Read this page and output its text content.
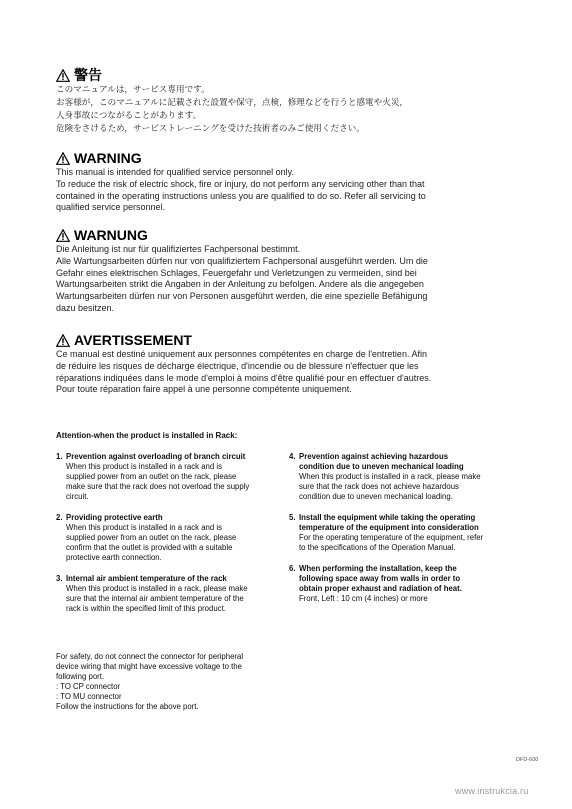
警告
このマニュアルは，サービス専用です。
お客様が，このマニュアルに記載された設置や保守，点検，修理などを行うと感電や火災，
人身事故につながることがあります。
危険をさけるため，サービストレーニングを受けた技術者のみご使用ください。
WARNING
This manual is intended for qualified service personnel only.
To reduce the risk of electric shock, fire or injury, do not perform any servicing other than that
contained in the operating instructions unless you are qualified to do so. Refer all servicing to
qualified service personnel.
WARNUNG
Die Anleitung ist nur für qualifiziertes Fachpersonal bestimmt.
Alle Wartungsarbeiten dürfen nur von qualifiziertem Fachpersonal ausgeführt werden. Um die
Gefahr eines elektrischen Schlages, Feuergefahr und Verletzungen zu vermeiden, sind bei
Wartungsarbeiten strikt die Angaben in der Anleitung zu befolgen. Andere als die angegeben
Wartungsarbeiten dürfen nur von Personen ausgeführt werden, die eine spezielle Befähigung
dazu besitzen.
AVERTISSEMENT
Ce manual est destiné uniquement aux personnes compétentes en charge de l'entretien. Afin
de réduire les risques de décharge électrique, d'incendie ou de blessure n'effectuer que les
réparations indiquées dans le mode d'emploi à moins d'être qualifié pour en effectuer d'autres.
Pour toute réparation faire appel à une personne compétente uniquement.
Attention-when the product is installed in Rack:
1. Prevention against overloading of branch circuit
When this product is installed in a rack and is
supplied power from an outlet on the rack, please
make sure that the rack does not overload the supply
circuit.
2. Providing protective earth
When this product is installed in a rack and is
supplied power from an outlet on the rack, please
confirm that the outlet is provided with a suitable
protective earth connection.
3. Internal air ambient temperature of the rack
When this product is installed in a rack, please make
sure that the internal air ambient temperature of the
rack is within the specified limit of this product.
4. Prevention against achieving hazardous
condition due to uneven mechanical loading
When this product is installed in a rack, please make
sure that the rack does not achieve hazardous
condition due to uneven mechanical loading.
5. Install the equipment while taking the operating
temperature of the equipment into consideration
For the operating temperature of the equipment, refer
to the specifications of the Operation Manual.
6. When performing the installation, keep the
following space away from walls in order to
obtain proper exhaust and radiation of heat.
Front, Left : 10 cm (4 inches) or more
For safety, do not connect the connector for peripheral
device wiring that might have excessive voltage to the
following port.
: TO CP connector
: TO MU connector
Follow the instructions for the above port.
DFD-600
www.instrukcia.ru
